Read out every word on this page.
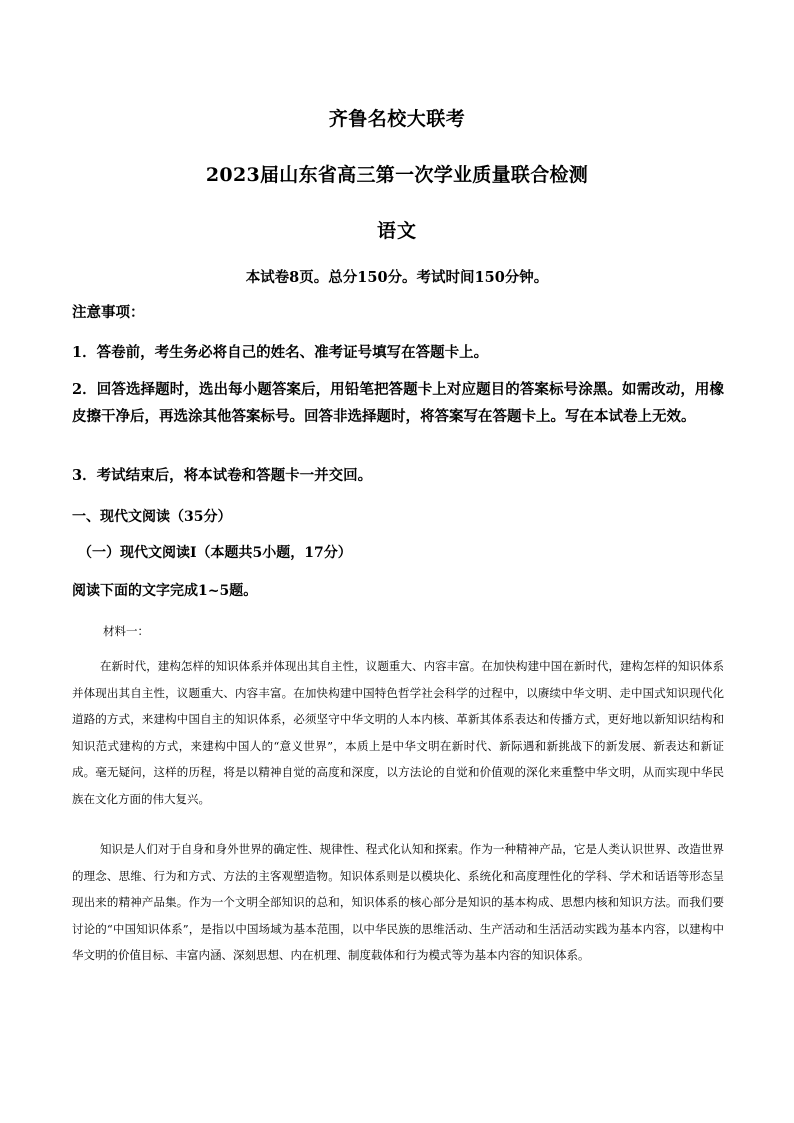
齐鲁名校大联考
2023届山东省高三第一次学业质量联合检测
语文
本试卷8页。总分150分。考试时间150分钟。
注意事项：
1．答卷前，考生务必将自己的姓名、准考证号填写在答题卡上。
2．回答选择题时，选出每小题答案后，用铅笔把答题卡上对应题目的答案标号涂黑。如需改动，用橡皮擦干净后，再选涂其他答案标号。回答非选择题时，将答案写在答题卡上。写在本试卷上无效。
3．考试结束后，将本试卷和答题卡一并交回。
一、现代文阅读（35分）
（一）现代文阅读Ⅰ（本题共5小题，17分）
阅读下面的文字完成1~5题。
材料一：
在新时代，建构怎样的知识体系并体现出其自主性，议题重大、内容丰富。在加快构建中国在新时代，建构怎样的知识体系并体现出其自主性，议题重大、内容丰富。在加快构建中国特色哲学社会科学的过程中，以赓续中华文明、走中国式知识现代化道路的方式，来建构中国自主的知识体系，必须坚守中华文明的人本内核、革新其体系表达和传播方式，更好地以新知识结构和知识范式建构的方式，来建构中国人的“意义世界”，本质上是中华文明在新时代、新际遇和新挑战下的新发展、新表达和新证成。毫无疑问，这样的历程，将是以精神自觉的高度和深度，以方法论的自觉和价值观的深化来重整中华文明，从而实现中华民族在文化方面的伟大复兴。
知识是人们对于自身和身外世界的确定性、规律性、程式化认知和探索。作为一种精神产品，它是人类认识世界、改造世界的理念、思维、行为和方式、方法的主客观塑造物。知识体系则是以模块化、系统化和高度理性化的学科、学术和话语等形态呈现出来的精神产品集。作为一个文明全部知识的总和，知识体系的核心部分是知识的基本构成、思想内核和知识方法。而我们要讨论的“中国知识体系”，是指以中国场域为基本范围，以中华民族的思维活动、生产活动和生活活动实践为基本内容，以建构中华文明的价值目标、丰富内涵、深刻思想、内在机理、制度载体和行为模式等为基本内容的知识体系。
